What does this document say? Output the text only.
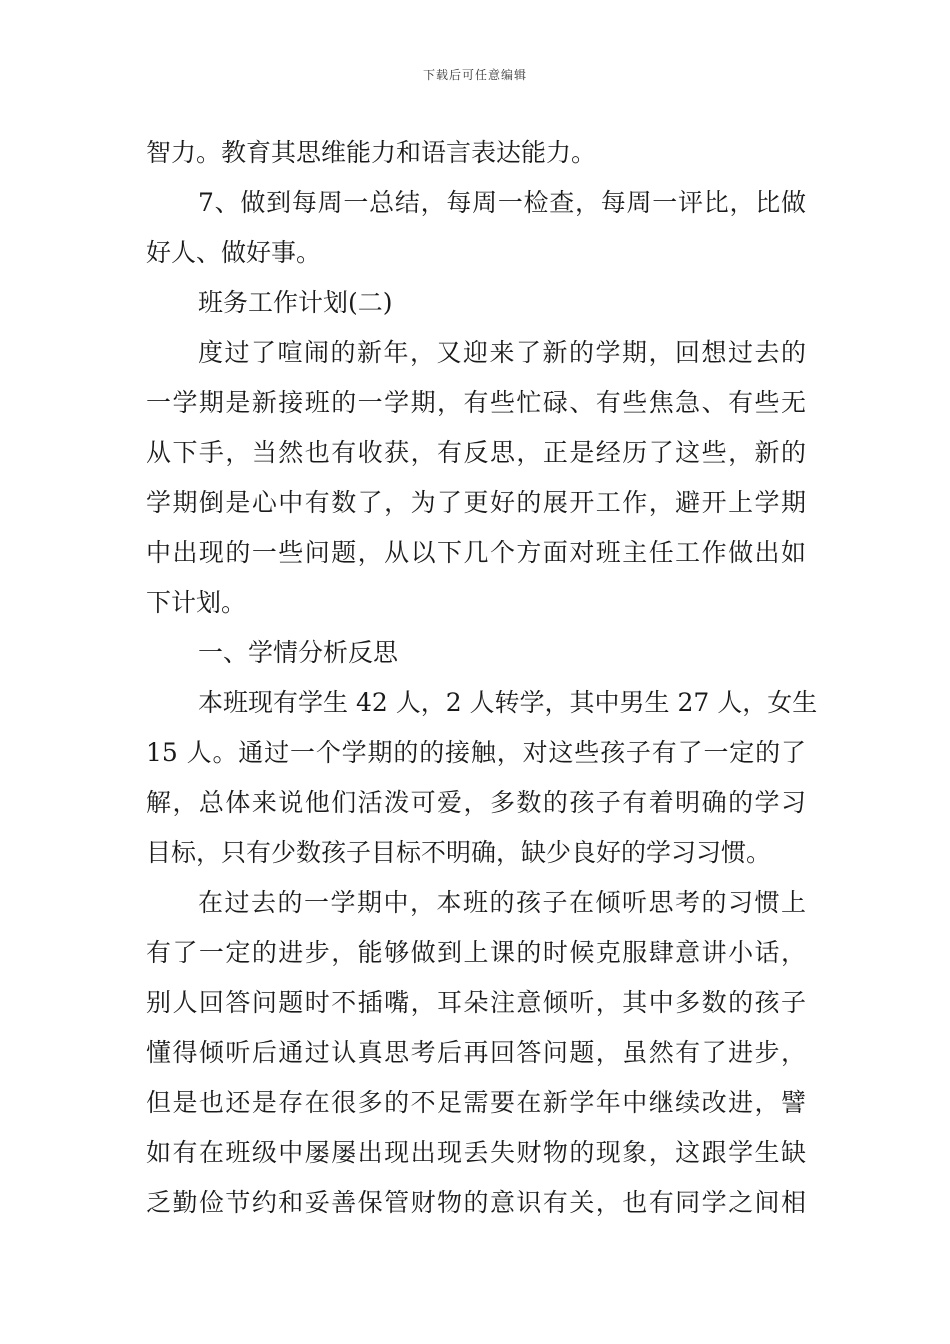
下载后可任意编辑
智力。教育其思维能力和语言表达能力。
7、做到每周一总结，每周一检查，每周一评比，比做
好人、做好事。
班务工作计划(二)
度过了喧闹的新年，又迎来了新的学期，回想过去的
一学期是新接班的一学期，有些忙碌、有些焦急、有些无
从下手，当然也有收获，有反思，正是经历了这些，新的
学期倒是心中有数了，为了更好的展开工作，避开上学期
中出现的一些问题，从以下几个方面对班主任工作做出如
下计划。
一、学情分析反思
本班现有学生 42 人，2 人转学，其中男生 27 人，女生
15 人。通过一个学期的的接触，对这些孩子有了一定的了
解，总体来说他们活泼可爱，多数的孩子有着明确的学习
目标，只有少数孩子目标不明确，缺少良好的学习习惯。
在过去的一学期中，本班的孩子在倾听思考的习惯上
有了一定的进步，能够做到上课的时候克服肆意讲小话，
别人回答问题时不插嘴，耳朵注意倾听，其中多数的孩子
懂得倾听后通过认真思考后再回答问题，虽然有了进步，
但是也还是存在很多的不足需要在新学年中继续改进，譬
如有在班级中屡屡出现出现丢失财物的现象，这跟学生缺
乏勤俭节约和妥善保管财物的意识有关，也有同学之间相
